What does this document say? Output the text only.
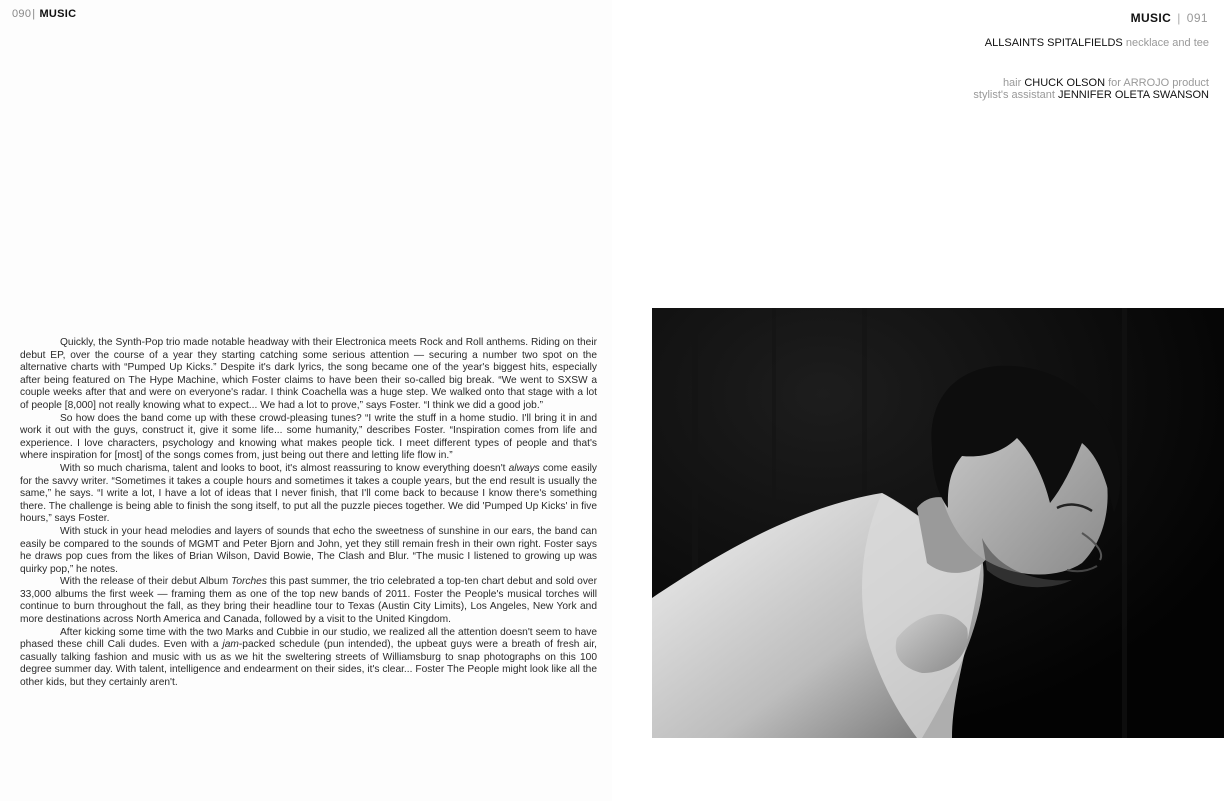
090| MUSIC

Quickly, the Synth-Pop trio made notable headway with their Electronica meets Rock and Roll anthems. Riding on their debut EP, over the course of a year they starting catching some serious attention — securing a number two spot on the alternative charts with “Pumped Up Kicks.” Despite it's dark lyrics, the song became one of the year's biggest hits, especially after being featured on The Hype Machine, which Foster claims to have been their so-called big break. “We went to SXSW a couple weeks after that and were on everyone's radar. I think Coachella was a huge step. We walked onto that stage with a lot of people [8,000] not really knowing what to expect... We had a lot to prove,” says Foster. “I think we did a good job.”

So how does the band come up with these crowd-pleasing tunes? “I write the stuff in a home studio. I'll bring it in and work it out with the guys, construct it, give it some life... some humanity,” describes Foster. “Inspiration comes from life and experience. I love characters, psychology and knowing what makes people tick. I meet different types of people and that's where inspiration for [most] of the songs comes from, just being out there and letting life flow in.”

With so much charisma, talent and looks to boot, it's almost reassuring to know everything doesn't always come easily for the savvy writer. “Sometimes it takes a couple hours and sometimes it takes a couple years, but the end result is usually the same,” he says. “I write a lot, I have a lot of ideas that I never finish, that I'll come back to because I know there's something there. The challenge is being able to finish the song itself, to put all the puzzle pieces together. We did 'Pumped Up Kicks' in five hours,” says Foster.

With stuck in your head melodies and layers of sounds that echo the sweetness of sunshine in our ears, the band can easily be compared to the sounds of MGMT and Peter Bjorn and John, yet they still remain fresh in their own right. Foster says he draws pop cues from the likes of Brian Wilson, David Bowie, The Clash and Blur. “The music I listened to growing up was quirky pop,” he notes.

With the release of their debut Album Torches this past summer, the trio celebrated a top-ten chart debut and sold over 33,000 albums the first week — framing them as one of the top new bands of 2011. Foster the People's musical torches will continue to burn throughout the fall, as they bring their headline tour to Texas (Austin City Limits), Los Angeles, New York and more destinations across North America and Canada, followed by a visit to the United Kingdom.

After kicking some time with the two Marks and Cubbie in our studio, we realized all the attention doesn't seem to have phased these chill Cali dudes. Even with a jam-packed schedule (pun intended), the upbeat guys were a breath of fresh air, casually talking fashion and music with us as we hit the sweltering streets of Williamsburg to snap photographs on this 100 degree summer day. With talent, intelligence and endearment on their sides, it's clear... Foster The People might look like all the other kids, but they certainly aren't.

MUSIC | 091
ALLSAINTS SPITALFIELDS necklace and tee
hair CHUCK OLSON for ARROJO product
stylist's assistant JENNIFER OLETA SWANSON
